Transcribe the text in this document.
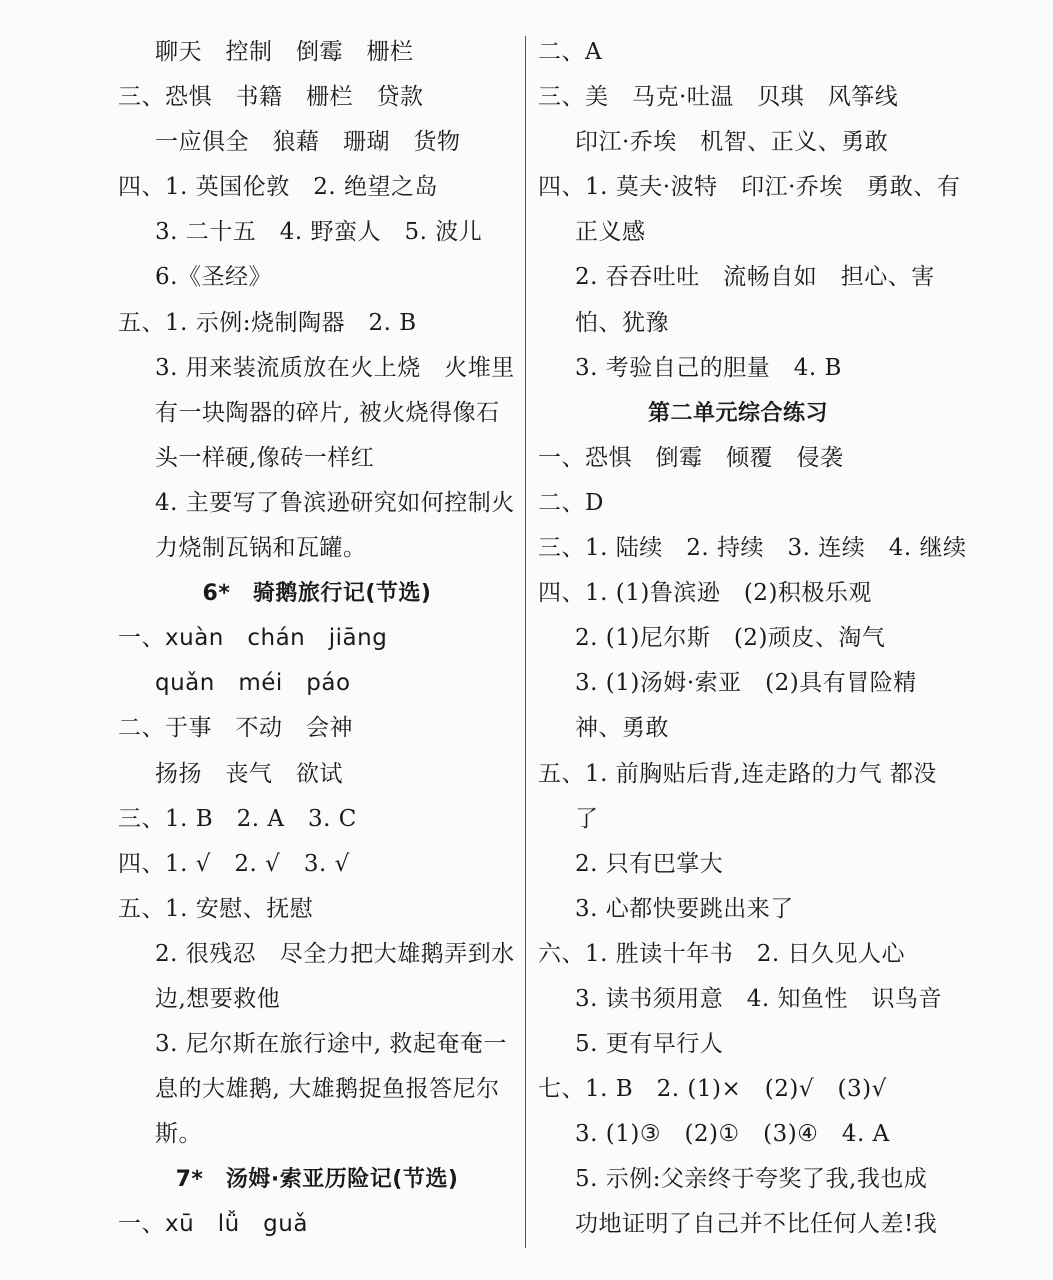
聊天　控制　倒霉　栅栏
三、恐惧　书籍　栅栏　贷款
一应俱全　狼藉　珊瑚　货物
四、1. 英国伦敦　2. 绝望之岛
3. 二十五　4. 野蛮人　5. 波儿
6.《圣经》
五、1. 示例:烧制陶器　2. B
3. 用来装流质放在火上烧　火堆里
有一块陶器的碎片, 被火烧得像石
头一样硬,像砖一样红
4. 主要写了鲁滨逊研究如何控制火
力烧制瓦锅和瓦罐。
6*　骑鹅旅行记(节选)
一、xuàn　chán　jiāng
quǎn　méi　páo
二、于事　不动　会神
扬扬　丧气　欲试
三、1. B　2. A　3. C
四、1. √　2. √　3. √
五、1. 安慰、抚慰
2. 很残忍　尽全力把大雄鹅弄到水
边,想要救他
3. 尼尔斯在旅行途中, 救起奄奄一
息的大雄鹅, 大雄鹅捉鱼报答尼尔
斯。
7*　汤姆·索亚历险记(节选)
一、xū　lǚ　guǎ
二、A
三、美　马克·吐温　贝琪　风筝线
印江·乔埃　机智、正义、勇敢
四、1. 莫夫·波特　印江·乔埃　勇敢、有
正义感
2. 吞吞吐吐　流畅自如　担心、害
怕、犹豫
3. 考验自己的胆量　4. B
第二单元综合练习
一、恐惧　倒霉　倾覆　侵袭
二、D
三、1. 陆续　2. 持续　3. 连续　4. 继续
四、1. (1)鲁滨逊　(2)积极乐观
2. (1)尼尔斯　(2)顽皮、淘气
3. (1)汤姆·索亚　(2)具有冒险精
神、勇敢
五、1. 前胸贴后背,连走路的力气 都没
了
2. 只有巴掌大
3. 心都快要跳出来了
六、1. 胜读十年书　2. 日久见人心
3. 读书须用意　4. 知鱼性　识鸟音
5. 更有早行人
七、1. B　2. (1)×　(2)√　(3)√
3. (1)③　(2)①　(3)④　4. A
5. 示例:父亲终于夸奖了我,我也成
功地证明了自己并不比任何人差!我
